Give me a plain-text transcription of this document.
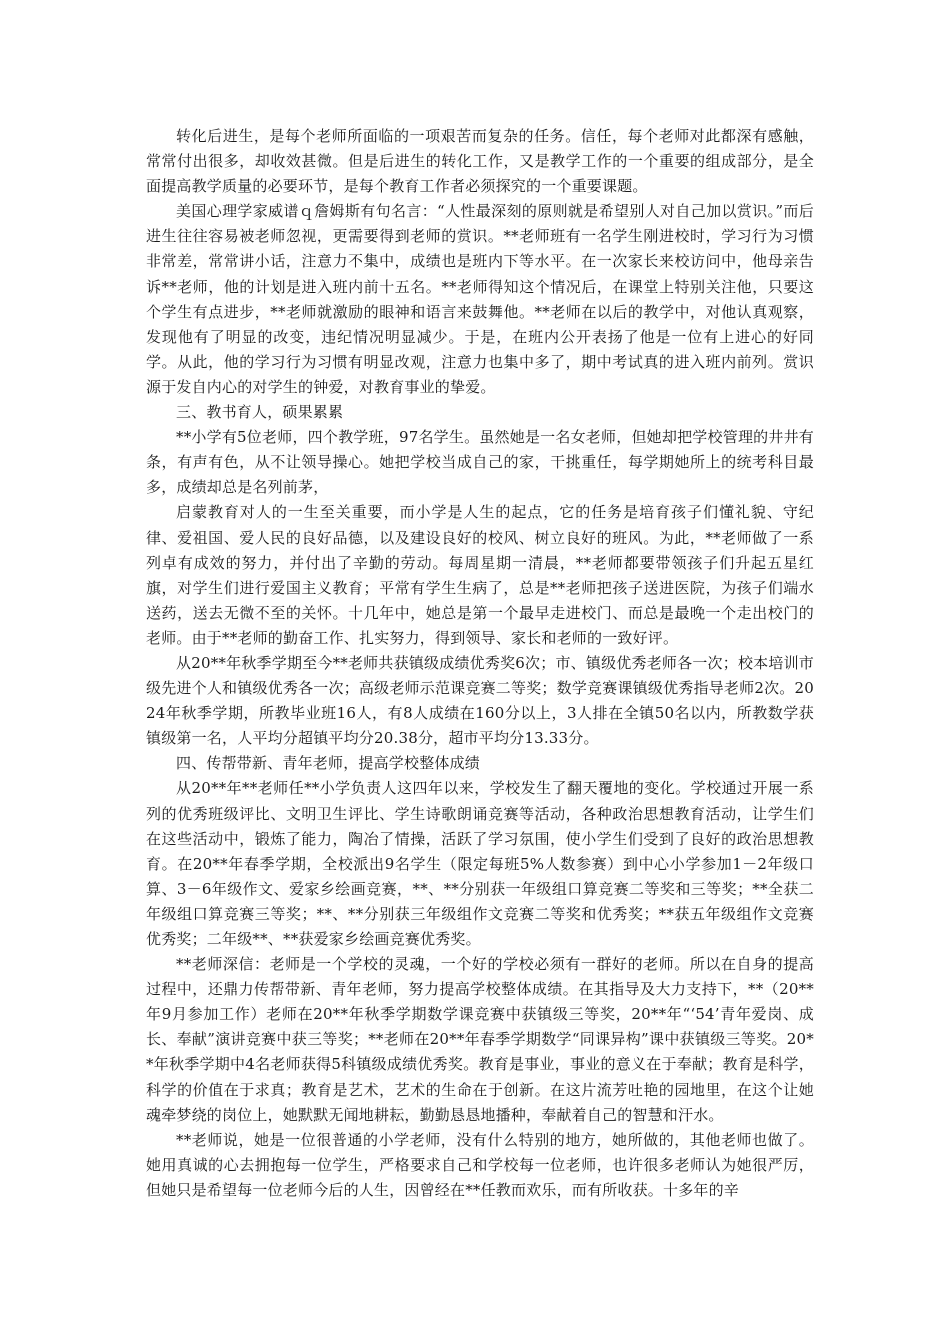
转化后进生，是每个老师所面临的一项艰苦而复杂的任务。信任，每个老师对此都深有感触，常常付出很多，却收效甚微。但是后进生的转化工作，又是教学工作的一个重要的组成部分，是全面提高教学质量的必要环节，是每个教育工作者必须探究的一个重要课题。

美国心理学家威谱ｑ詹姆斯有句名言：“人性最深刻的原则就是希望别人对自己加以赏识。”而后进生往往容易被老师忽视，更需要得到老师的赏识。**老师班有一名学生刚进校时，学习行为习惯非常差，常常讲小话，注意力不集中，成绩也是班内下等水平。在一次家长来校访问中，他母亲告诉**老师，他的计划是进入班内前十五名。**老师得知这个情况后，在课堂上特别关注他，只要这个学生有点进步，**老师就激励的眼神和语言来鼓舞他。**老师在以后的教学中，对他认真观察，发现他有了明显的改变，违纪情况明显减少。于是，在班内公开表扬了他是一位有上进心的好同学。从此，他的学习行为习惯有明显改观，注意力也集中多了，期中考试真的进入班内前列。赏识源于发自内心的对学生的钟爱，对教育事业的挚爱。

三、教书育人，硕果累累

**小学有5位老师，四个教学班，97名学生。虽然她是一名女老师，但她却把学校管理的井井有条，有声有色，从不让领导操心。她把学校当成自己的家，干挑重任，每学期她所上的统考科目最多，成绩却总是名列前茅，

启蒙教育对人的一生至关重要，而小学是人生的起点，它的任务是培育孩子们懂礼貌、守纪律、爱祖国、爱人民的良好品德，以及建设良好的校风、树立良好的班风。为此，**老师做了一系列卓有成效的努力，并付出了辛勤的劳动。每周星期一清晨，**老师都要带领孩子们升起五星红旗，对学生们进行爱国主义教育；平常有学生生病了，总是**老师把孩子送进医院，为孩子们端水送药，送去无微不至的关怀。十几年中，她总是第一个最早走进校门、而总是最晚一个走出校门的老师。由于**老师的勤奋工作、扎实努力，得到领导、家长和老师的一致好评。

从20**年秋季学期至今**老师共获镇级成绩优秀奖6次；市、镇级优秀老师各一次；校本培训市级先进个人和镇级优秀各一次；高级老师示范课竞赛二等奖；数学竞赛课镇级优秀指导老师2次。2024年秋季学期，所教毕业班16人，有8人成绩在160分以上，3人排在全镇50名以内，所教数学获镇级第一名，人平均分超镇平均分20.38分，超市平均分13.33分。

四、传帮带新、青年老师，提高学校整体成绩

从20**年**老师任**小学负责人这四年以来，学校发生了翻天覆地的变化。学校通过开展一系列的优秀班级评比、文明卫生评比、学生诗歌朗诵竞赛等活动，各种政治思想教育活动，让学生们在这些活动中，锻炼了能力，陶冶了情操，活跃了学习氛围，使小学生们受到了良好的政治思想教育。在20**年春季学期，全校派出9名学生（限定每班5%人数参赛）到中心小学参加1－2年级口算、3－6年级作文、爱家乡绘画竞赛，**、**分别获一年级组口算竞赛二等奖和三等奖；**全获二年级组口算竞赛三等奖；**、**分别获三年级组作文竞赛二等奖和优秀奖；**获五年级组作文竞赛优秀奖；二年级**、**获爱家乡绘画竞赛优秀奖。

**老师深信：老师是一个学校的灵魂，一个好的学校必须有一群好的老师。所以在自身的提高过程中，还鼎力传帮带新、青年老师，努力提高学校整体成绩。在其指导及大力支持下，**（20**年9月参加工作）老师在20**年秋季学期数学课竞赛中获镇级三等奖，20**年“‘54’青年爱岗、成长、奉献”演讲竞赛中获三等奖；**老师在20**年春季学期数学“同课异构”课中获镇级三等奖。20**年秋季学期中4名老师获得5科镇级成绩优秀奖。教育是事业，事业的意义在于奉献；教育是科学，科学的价值在于求真；教育是艺术，艺术的生命在于创新。在这片流芳吐艳的园地里，在这个让她魂牵梦绕的岗位上，她默默无闻地耕耘，勤勤恳恳地播种，奉献着自己的智慧和汗水。

**老师说，她是一位很普通的小学老师，没有什么特别的地方，她所做的，其他老师也做了。她用真诚的心去拥抱每一位学生，严格要求自己和学校每一位老师，也许很多老师认为她很严厉，但她只是希望每一位老师今后的人生，因曾经在**任教而欢乐，而有所收获。十多年的辛
